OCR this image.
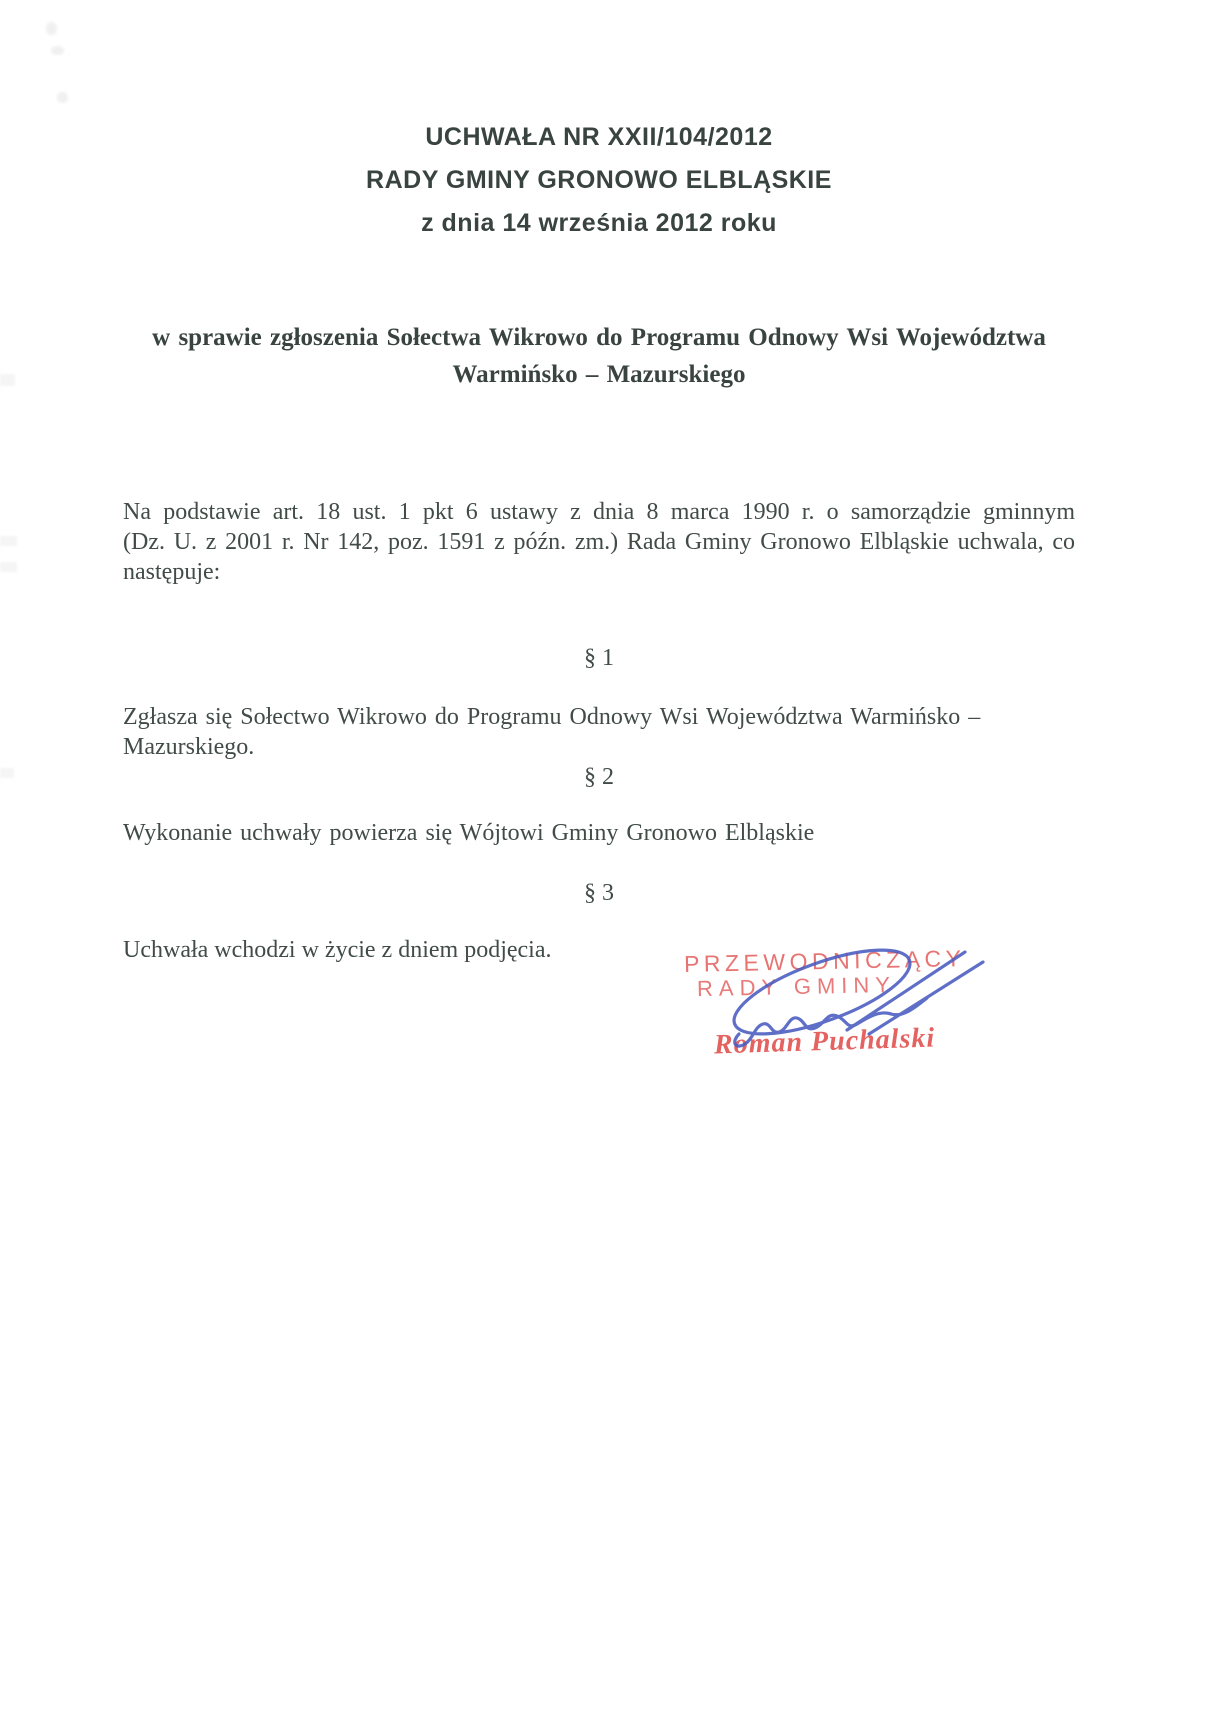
UCHWAŁA NR XXII/104/2012
RADY GMINY GRONOWO ELBLĄSKIE
z dnia 14 września 2012 roku
w sprawie zgłoszenia Sołectwa Wikrowo do Programu Odnowy Wsi Województwa
Warmińsko – Mazurskiego
Na podstawie art. 18 ust. 1 pkt 6 ustawy z dnia 8 marca 1990 r. o samorządzie gminnym
(Dz. U. z 2001 r. Nr 142, poz. 1591 z późn. zm.) Rada Gminy Gronowo Elbląskie uchwala, co
następuje:
§ 1
Zgłasza się Sołectwo Wikrowo do Programu Odnowy Wsi Województwa Warmińsko –
Mazurskiego.
§ 2
Wykonanie uchwały powierza się Wójtowi Gminy Gronowo Elbląskie
§ 3
Uchwała wchodzi w życie z dniem podjęcia.	PRZEWODNICZĄCY
RADY GMINY
Roman Puchalski
